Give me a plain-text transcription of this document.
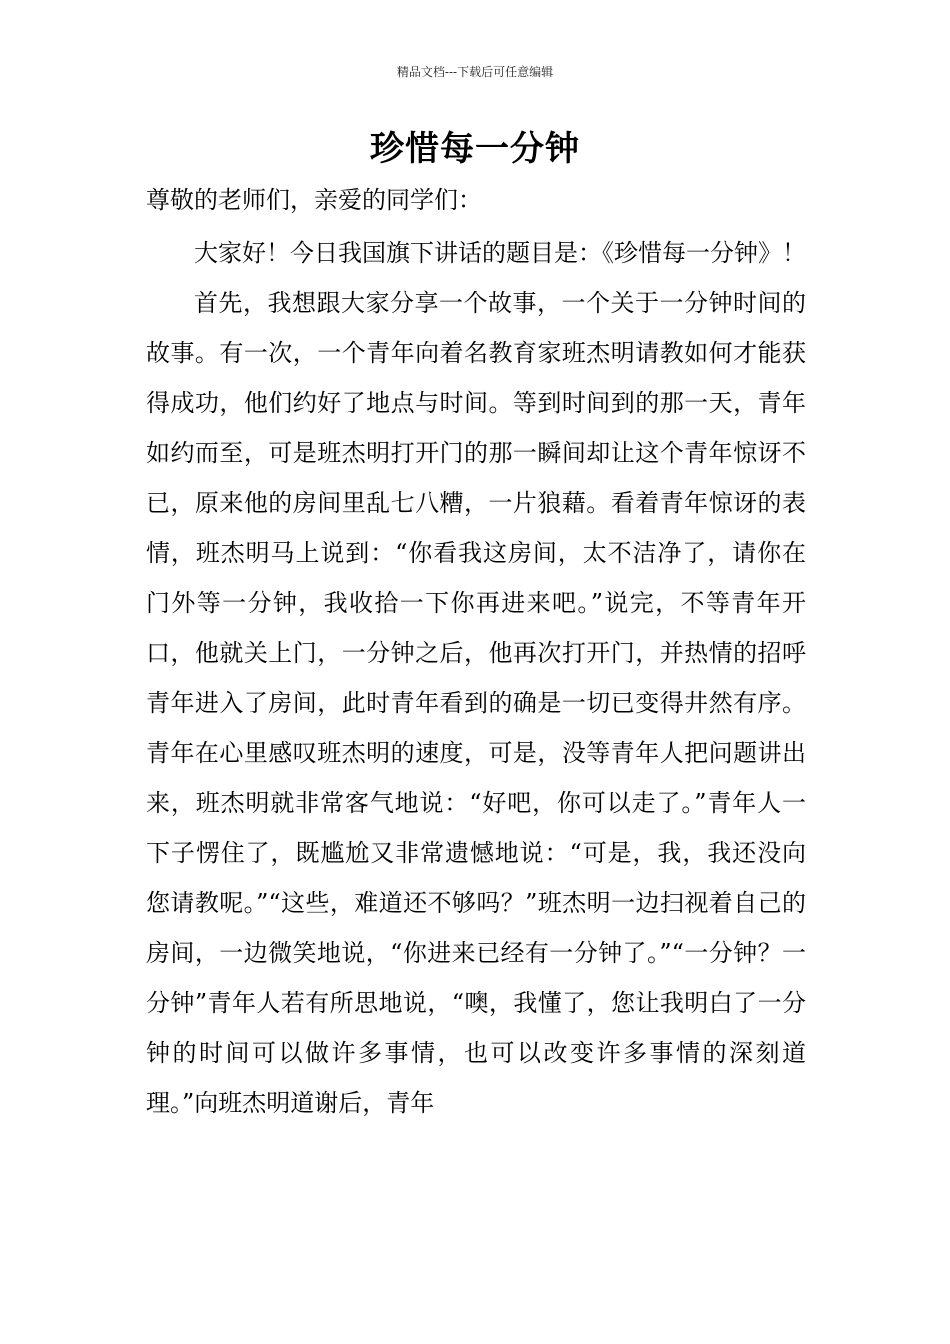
精品文档---下载后可任意编辑
珍惜每一分钟

尊敬的老师们，亲爱的同学们：

大家好！今日我国旗下讲话的题目是：《珍惜每一分钟》！

首先，我想跟大家分享一个故事，一个关于一分钟时间的故事。有一次，一个青年向着名教育家班杰明请教如何才能获得成功，他们约好了地点与时间。等到时间到的那一天，青年如约而至，可是班杰明打开门的那一瞬间却让这个青年惊讶不已，原来他的房间里乱七八糟，一片狼藉。看着青年惊讶的表情，班杰明马上说到：“你看我这房间，太不洁净了，请你在门外等一分钟，我收拾一下你再进来吧。”说完，不等青年开口，他就关上门，一分钟之后，他再次打开门，并热情的招呼青年进入了房间，此时青年看到的确是一切已变得井然有序。青年在心里感叹班杰明的速度，可是，没等青年人把问题讲出来，班杰明就非常客气地说：“好吧，你可以走了。”青年人一下子愣住了，既尴尬又非常遗憾地说：“可是，我，我还没向您请教呢。”“这些，难道还不够吗？”班杰明一边扫视着自己的房间，一边微笑地说，“你进来已经有一分钟了。”“一分钟？一分钟”青年人若有所思地说，“噢，我懂了，您让我明白了一分钟的时间可以做许多事情，也可以改变许多事情的深刻道理。”向班杰明道谢后，青年
